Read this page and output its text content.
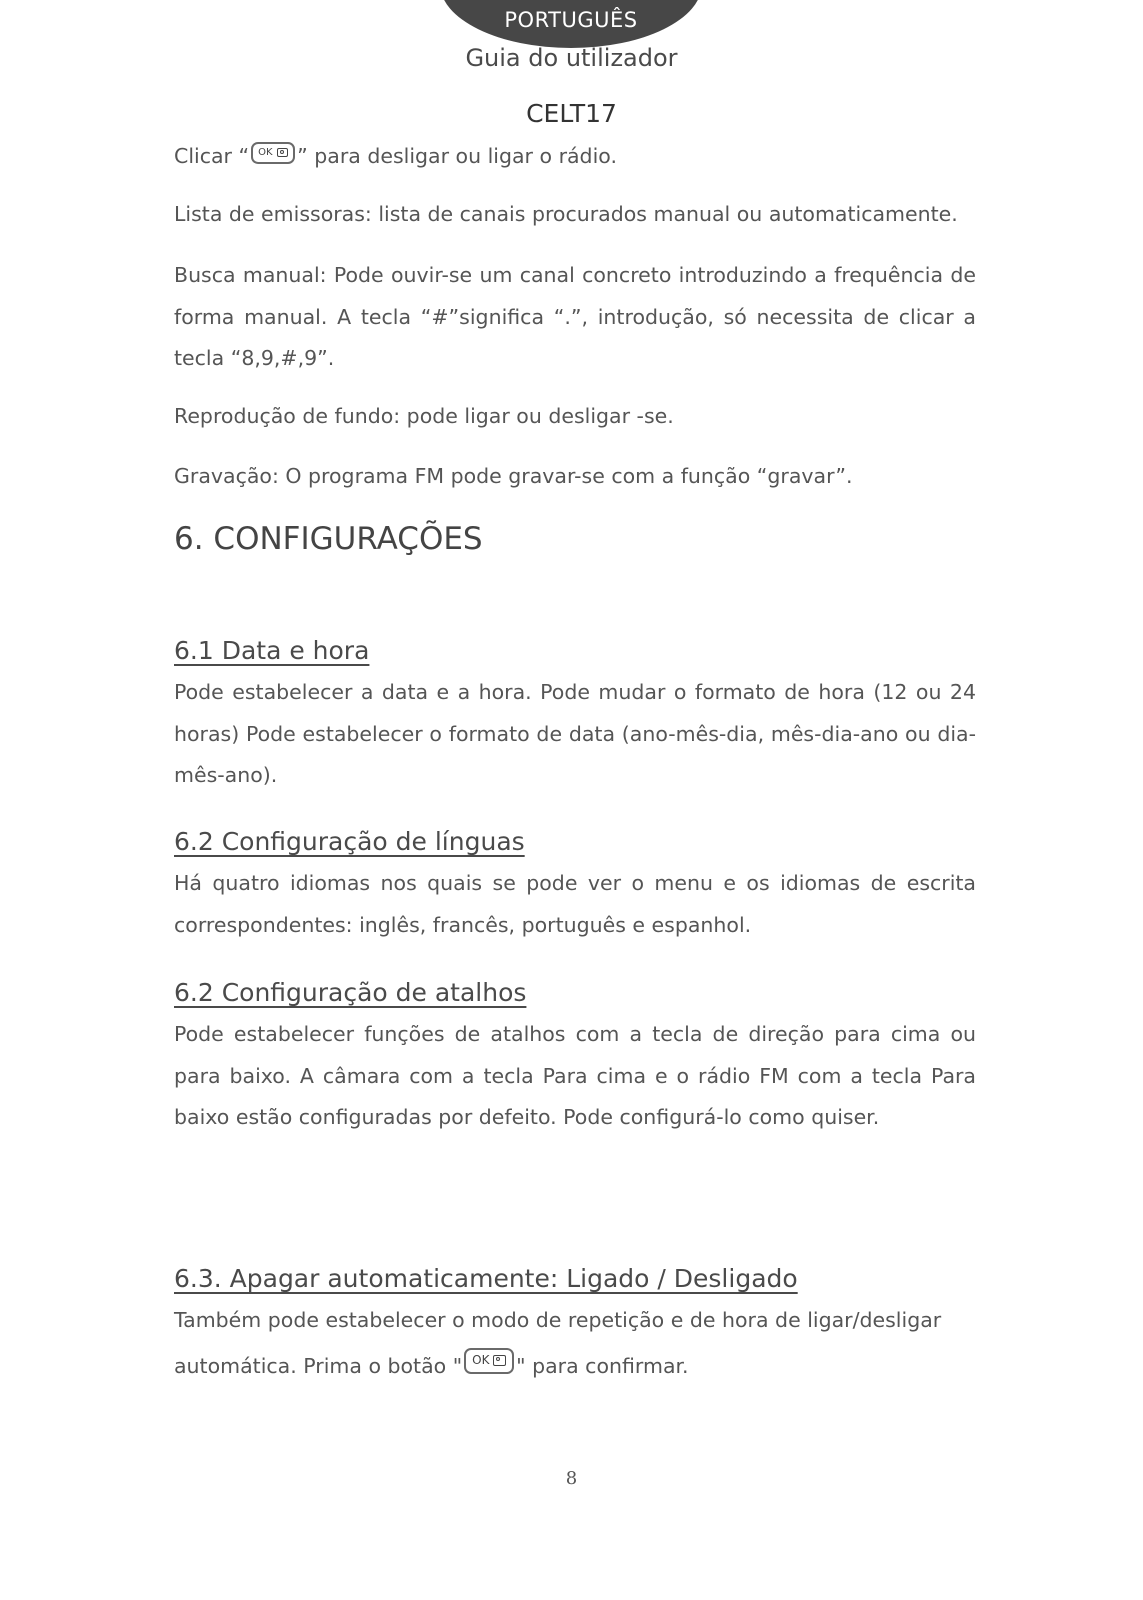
PORTUGUÊS
Guia do utilizador
CELT17

Clicar “ OK ” para desligar ou ligar o rádio.

Lista de emissoras: lista de canais procurados manual ou automaticamente.

Busca manual: Pode ouvir-se um canal concreto introduzindo a frequência de forma manual. A tecla “#”significa “.”, introdução, só necessita de clicar a tecla “8,9,#,9”.

Reprodução de fundo: pode ligar ou desligar -se.

Gravação: O programa FM pode gravar-se com a função “gravar”.

6. CONFIGURAÇÕES
6.1 Data e hora

Pode estabelecer a data e a hora. Pode mudar o formato de hora (12 ou 24 horas) Pode estabelecer o formato de data (ano-mês-dia, mês-dia-ano ou dia-mês-ano).

6.2 Configuração de línguas

Há quatro idiomas nos quais se pode ver o menu e os idiomas de escrita correspondentes: inglês, francês, português e espanhol.

6.2 Configuração de atalhos

Pode estabelecer funções de atalhos com a tecla de direção para cima ou para baixo. A câmara com a tecla Para cima e o rádio FM com a tecla Para baixo estão configuradas por defeito. Pode configurá-lo como quiser.

6.3. Apagar automaticamente: Ligado / Desligado

Também pode estabelecer o modo de repetição e de hora de ligar/desligar

automática. Prima o botão " OK " para confirmar.

8
